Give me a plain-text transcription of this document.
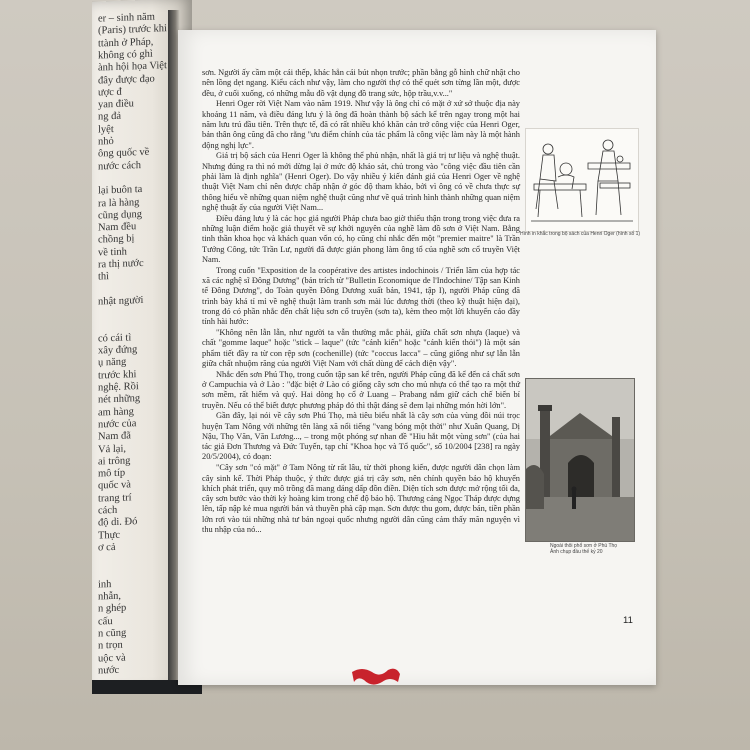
er – sinh năm
(Paris) trước khi
ttành ở Pháp,
không có ghì
ành hội họa Việt
đây được đạo
ược đ
yan điều
ng đả
lyệt
nhỏ
ông quốc về
nước cách
lại buôn ta
ra là hàng
cũng dụng
Nam đều
chồng bị
về tinh
ra thị nước
thì
nhật người
có cái tì
xây đứng
ụ năng
trước khi
nghệ. Rồi
nét những
am hàng
nước của
Nam đã
Vả lại,
ai trông
mô típ
quốc và
trang trí
cách
độ di. Đó
Thực
ơ cả
inh
nhẫn,
n ghép
cấu
n cũng
n trọn
uộc và
nước

sơn. Người ấy cầm một cái thếp, khác hẳn cái bút nhọn trước; phần bằng gỗ hình chữ nhật cho nên lồng dẹt ngang. Kiểu cách như vậy, làm cho người thợ có thể quét sơn từng lần một, được đều, ở cuối xuống, có những mẫu đồ vật dụng đồ trang sức, hộp trầu,v.v..."

Henri Oger rời Việt Nam vào năm 1919. Như vậy là ông chỉ có mặt ở xứ sở thuộc địa này khoảng 11 năm, và điều đáng lưu ý là ông đã hoàn thành bộ sách kể trên ngay trong một hai năm lưu trú đầu tiên. Trên thực tế, đã có rất nhiều khó khăn cản trở công việc của Henri Oger, bản thân ông cũng đã cho rằng "ưu điểm chính của tác phẩm là công việc làm này là một hành động nghị lực".

Giá trị bộ sách của Henri Oger là không thể phủ nhận, nhất là giá trị tư liệu và nghệ thuật. Nhưng đúng ra thì nó mới dừng lại ở mức độ khảo sát, chủ trong vào "công việc đầu tiên cần phải làm là định nghĩa" (Henri Oger). Do vậy nhiều ý kiến đánh giá của Henri Oger về nghệ thuật Việt Nam chỉ nên được chấp nhận ở góc độ tham khảo, bởi vì ông có về chưa thực sự thông hiểu về những quan niệm nghệ thuật cũng như về quá trình hình thành những quan niệm nghệ thuật ấy của người Việt Nam...

Điều đáng lưu ý là các học giả người Pháp chưa bao giờ thiếu thận trong trong việc đưa ra những luận điểm hoặc giả thuyết về sự khởi nguyên của nghề làm đồ sơn ở Việt Nam. Bằng tinh thần khoa học và khách quan vốn có, họ cũng chỉ nhắc đến một "premier maitre" là Trần Tướng Công, tức Trần Lư, người đã được giản phong làm ông tổ của nghề sơn cổ truyền Việt Nam.

Trong cuốn "Exposition de la coopérative des artistes indochinois / Triển lãm của hợp tác xã các nghệ sĩ Đông Dương" (bản trích từ "Bulletin Economique de l'Indochine/ Tập san Kinh tế Đông Dương", do Toàn quyền Đông Dương xuất bản, 1941, tập I), người Pháp cũng đã trình bày khá tỉ mỉ về nghệ thuật làm tranh sơn mài lúc đương thời (theo kỹ thuật hiện đại), trong đó có phần nhắc đến chất liệu sơn cổ truyền (sơn ta), kèm theo một lời khuyến cáo đầy tính hài hước:

"Không nên lẫn lẫn, như người ta vẫn thường mắc phải, giữa chất sơn nhựa (laque) và chất "gomme laque" hoặc "stick – laque" (tức "cánh kiến" hoặc "cánh kiến thỏi") là một sản phẩm tiết đầy ra từ con rệp sơn (cochenille) (tức "coccus lacca" – cũng giống như sự lẫn lẫn giữa chất nhuộm răng của người Việt Nam với chất dùng để cách điện vậy".

Nhắc đến sơn Phú Thọ, trong cuốn tập san kể trên, người Pháp cũng đã kể đến cả chất sơn ở Campuchia và ở Lào : "đặc biệt ở Lào có giống cây sơn cho mủ nhựa có thể tạo ra một thứ sơn mềm, rất hiếm và quý. Hai dòng họ cổ ở Luang – Prabang nắm giữ cách chế biến bí truyền. Nếu có thể biết được phương pháp đó thì thật đáng sẽ đem lại những món hời lớn".

Gần đây, lại nói về cây sơn Phú Thọ, mà tiêu biểu nhất là cây sơn của vùng đồi núi trọc huyện Tam Nông với những tên làng xã nổi tiếng "vang bóng một thời" như Xuân Quang, Dị Nậu, Thọ Văn, Văn Lương..., – trong một phóng sự nhan đề "Hiu hắt một vùng sơn" (của hai tác giả Đơn Thương và Đức Tuyến, tạp chí "Khoa học và Tổ quốc", số 10/2004 [238] ra ngày 20/5/2004), có đoạn:

"Cây sơn "có mặt" ở Tam Nông từ rất lâu, từ thời phong kiến, được người dân chọn làm cây sinh kế. Thời Pháp thuộc, ý thức được giá trị cây sơn, nên chính quyền bảo hộ khuyến khích phát triển, quy mô trồng đã mang dáng dấp đồn điền. Diện tích sơn được mở rộng tối đa, cây sơn bước vào thời kỳ hoàng kim trong chế độ bảo hộ. Thương cảng Ngọc Tháp được dựng lên, tấp nập kẻ mua người bán và thuyền phà cập mạn. Sơn được thu gom, được bán, tiền phần lớn rơi vào túi những nhà tư bản ngoại quốc nhưng người dân cũng cảm thấy mãn nguyện vì thu nhập của nó...

Hình in khắc trong bộ sách của Henri Oger (hình số 1)
Ngoài thôi phổ sơn ở Phú Thọ
Ảnh chụp đầu thế kỷ 20
11
